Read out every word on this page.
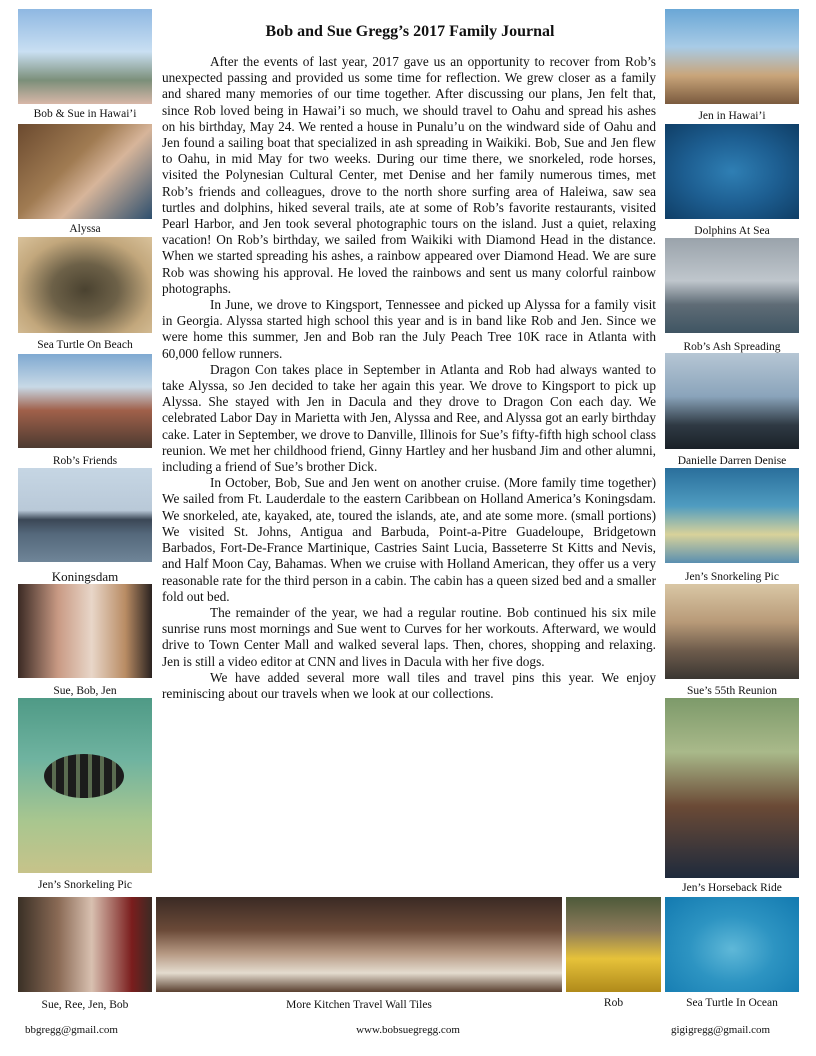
Bob and Sue Gregg’s 2017 Family Journal

After the events of last year, 2017 gave us an opportunity to recover from Rob’s unexpected passing and provided us some time for reflection. We grew closer as a family and shared many memories of our time together. After discussing our plans, Jen felt that, since Rob loved being in Hawai’i so much, we should travel to Oahu and spread his ashes on his birthday, May 24. We rented a house in Punalu’u on the windward side of Oahu and Jen found a sailing boat that specialized in ash spreading in Waikiki. Bob, Sue and Jen flew to Oahu, in mid May for two weeks. During our time there, we snorkeled, rode horses, visited the Polynesian Cultural Center, met Denise and her family numerous times, met Rob’s friends and colleagues, drove to the north shore surfing area of Haleiwa, saw sea turtles and dolphins, hiked several trails, ate at some of Rob’s favorite restaurants, visited Pearl Harbor, and Jen took several photographic tours on the island. Just a quiet, relaxing vacation! On Rob’s birthday, we sailed from Waikiki with Diamond Head in the distance. When we started spreading his ashes, a rainbow appeared over Diamond Head. We are sure Rob was showing his approval. He loved the rainbows and sent us many colorful rainbow photographs.

In June, we drove to Kingsport, Tennessee and picked up Alyssa for a family visit in Georgia. Alyssa started high school this year and is in band like Rob and Jen. Since we were home this summer, Jen and Bob ran the July Peach Tree 10K race in Atlanta with 60,000 fellow runners.

Dragon Con takes place in September in Atlanta and Rob had always wanted to take Alyssa, so Jen decided to take her again this year. We drove to Kingsport to pick up Alyssa. She stayed with Jen in Dacula and they drove to Dragon Con each day. We celebrated Labor Day in Marietta with Jen, Alyssa and Ree, and Alyssa got an early birthday cake. Later in September, we drove to Danville, Illinois for Sue’s fifty-fifth high school class reunion. We met her childhood friend, Ginny Hartley and her husband Jim and other alumni, including a friend of Sue’s brother Dick.

In October, Bob, Sue and Jen went on another cruise. (More family time together) We sailed from Ft. Lauderdale to the eastern Caribbean on Holland America’s Koningsdam. We snorkeled, ate, kayaked, ate, toured the islands, ate, and ate some more. (small portions) We visited St. Johns, Antigua and Barbuda, Point-a-Pitre Guadeloupe, Bridgetown Barbados, Fort-De-France Martinique, Castries Saint Lucia, Basseterre St Kitts and Nevis, and Half Moon Cay, Bahamas. When we cruise with Holland American, they offer us a very reasonable rate for the third person in a cabin. The cabin has a queen sized bed and a smaller fold out bed.

The remainder of the year, we had a regular routine. Bob continued his six mile sunrise runs most mornings and Sue went to Curves for her workouts. Afterward, we would drive to Town Center Mall and walked several laps. Then, chores, shopping and relaxing. Jen is still a video editor at CNN and lives in Dacula with her five dogs.

We have added several more wall tiles and travel pins this year. We enjoy reminiscing about our travels when we look at our collections.

Bob & Sue in Hawai’i
Alyssa
Sea Turtle On Beach
Rob’s Friends
Koningsdam
Sue, Bob, Jen
Jen’s Snorkeling Pic
Jen in Hawai’i
Dolphins At Sea
Rob’s Ash Spreading
Danielle Darren Denise
Jen’s Snorkeling Pic
Sue’s 55th Reunion
Jen’s Horseback Ride
Sue, Ree, Jen, Bob	More Kitchen Travel Wall Tiles	Rob	Sea Turtle In Ocean
bbgregg@gmail.com	www.bobsuegregg.com	gigigregg@gmail.com
